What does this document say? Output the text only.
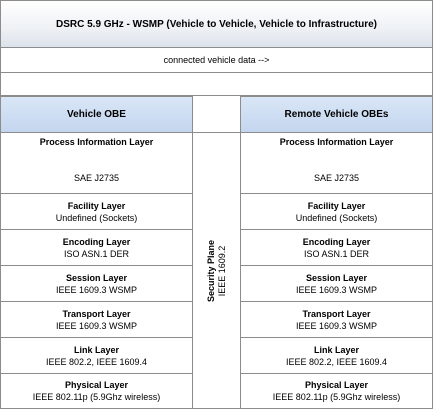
DSRC 5.9 GHz - WSMP (Vehicle to Vehicle, Vehicle to Infrastructure)
connected vehicle data -->
Vehicle OBE	Remote Vehicle OBEs
Security Plane IEEE 1609.2
Process Information Layer
SAE J2735
Facility Layer
Undefined (Sockets)
Encoding Layer
ISO ASN.1 DER
Session Layer
IEEE 1609.3 WSMP
Transport Layer
IEEE 1609.3 WSMP
Link Layer
IEEE 802.2, IEEE 1609.4
Physical Layer
IEEE 802.11p (5.9Ghz wireless)
Process Information Layer
SAE J2735
Facility Layer
Undefined (Sockets)
Encoding Layer
ISO ASN.1 DER
Session Layer
IEEE 1609.3 WSMP
Transport Layer
IEEE 1609.3 WSMP
Link Layer
IEEE 802.2, IEEE 1609.4
Physical Layer
IEEE 802.11p (5.9Ghz wireless)
